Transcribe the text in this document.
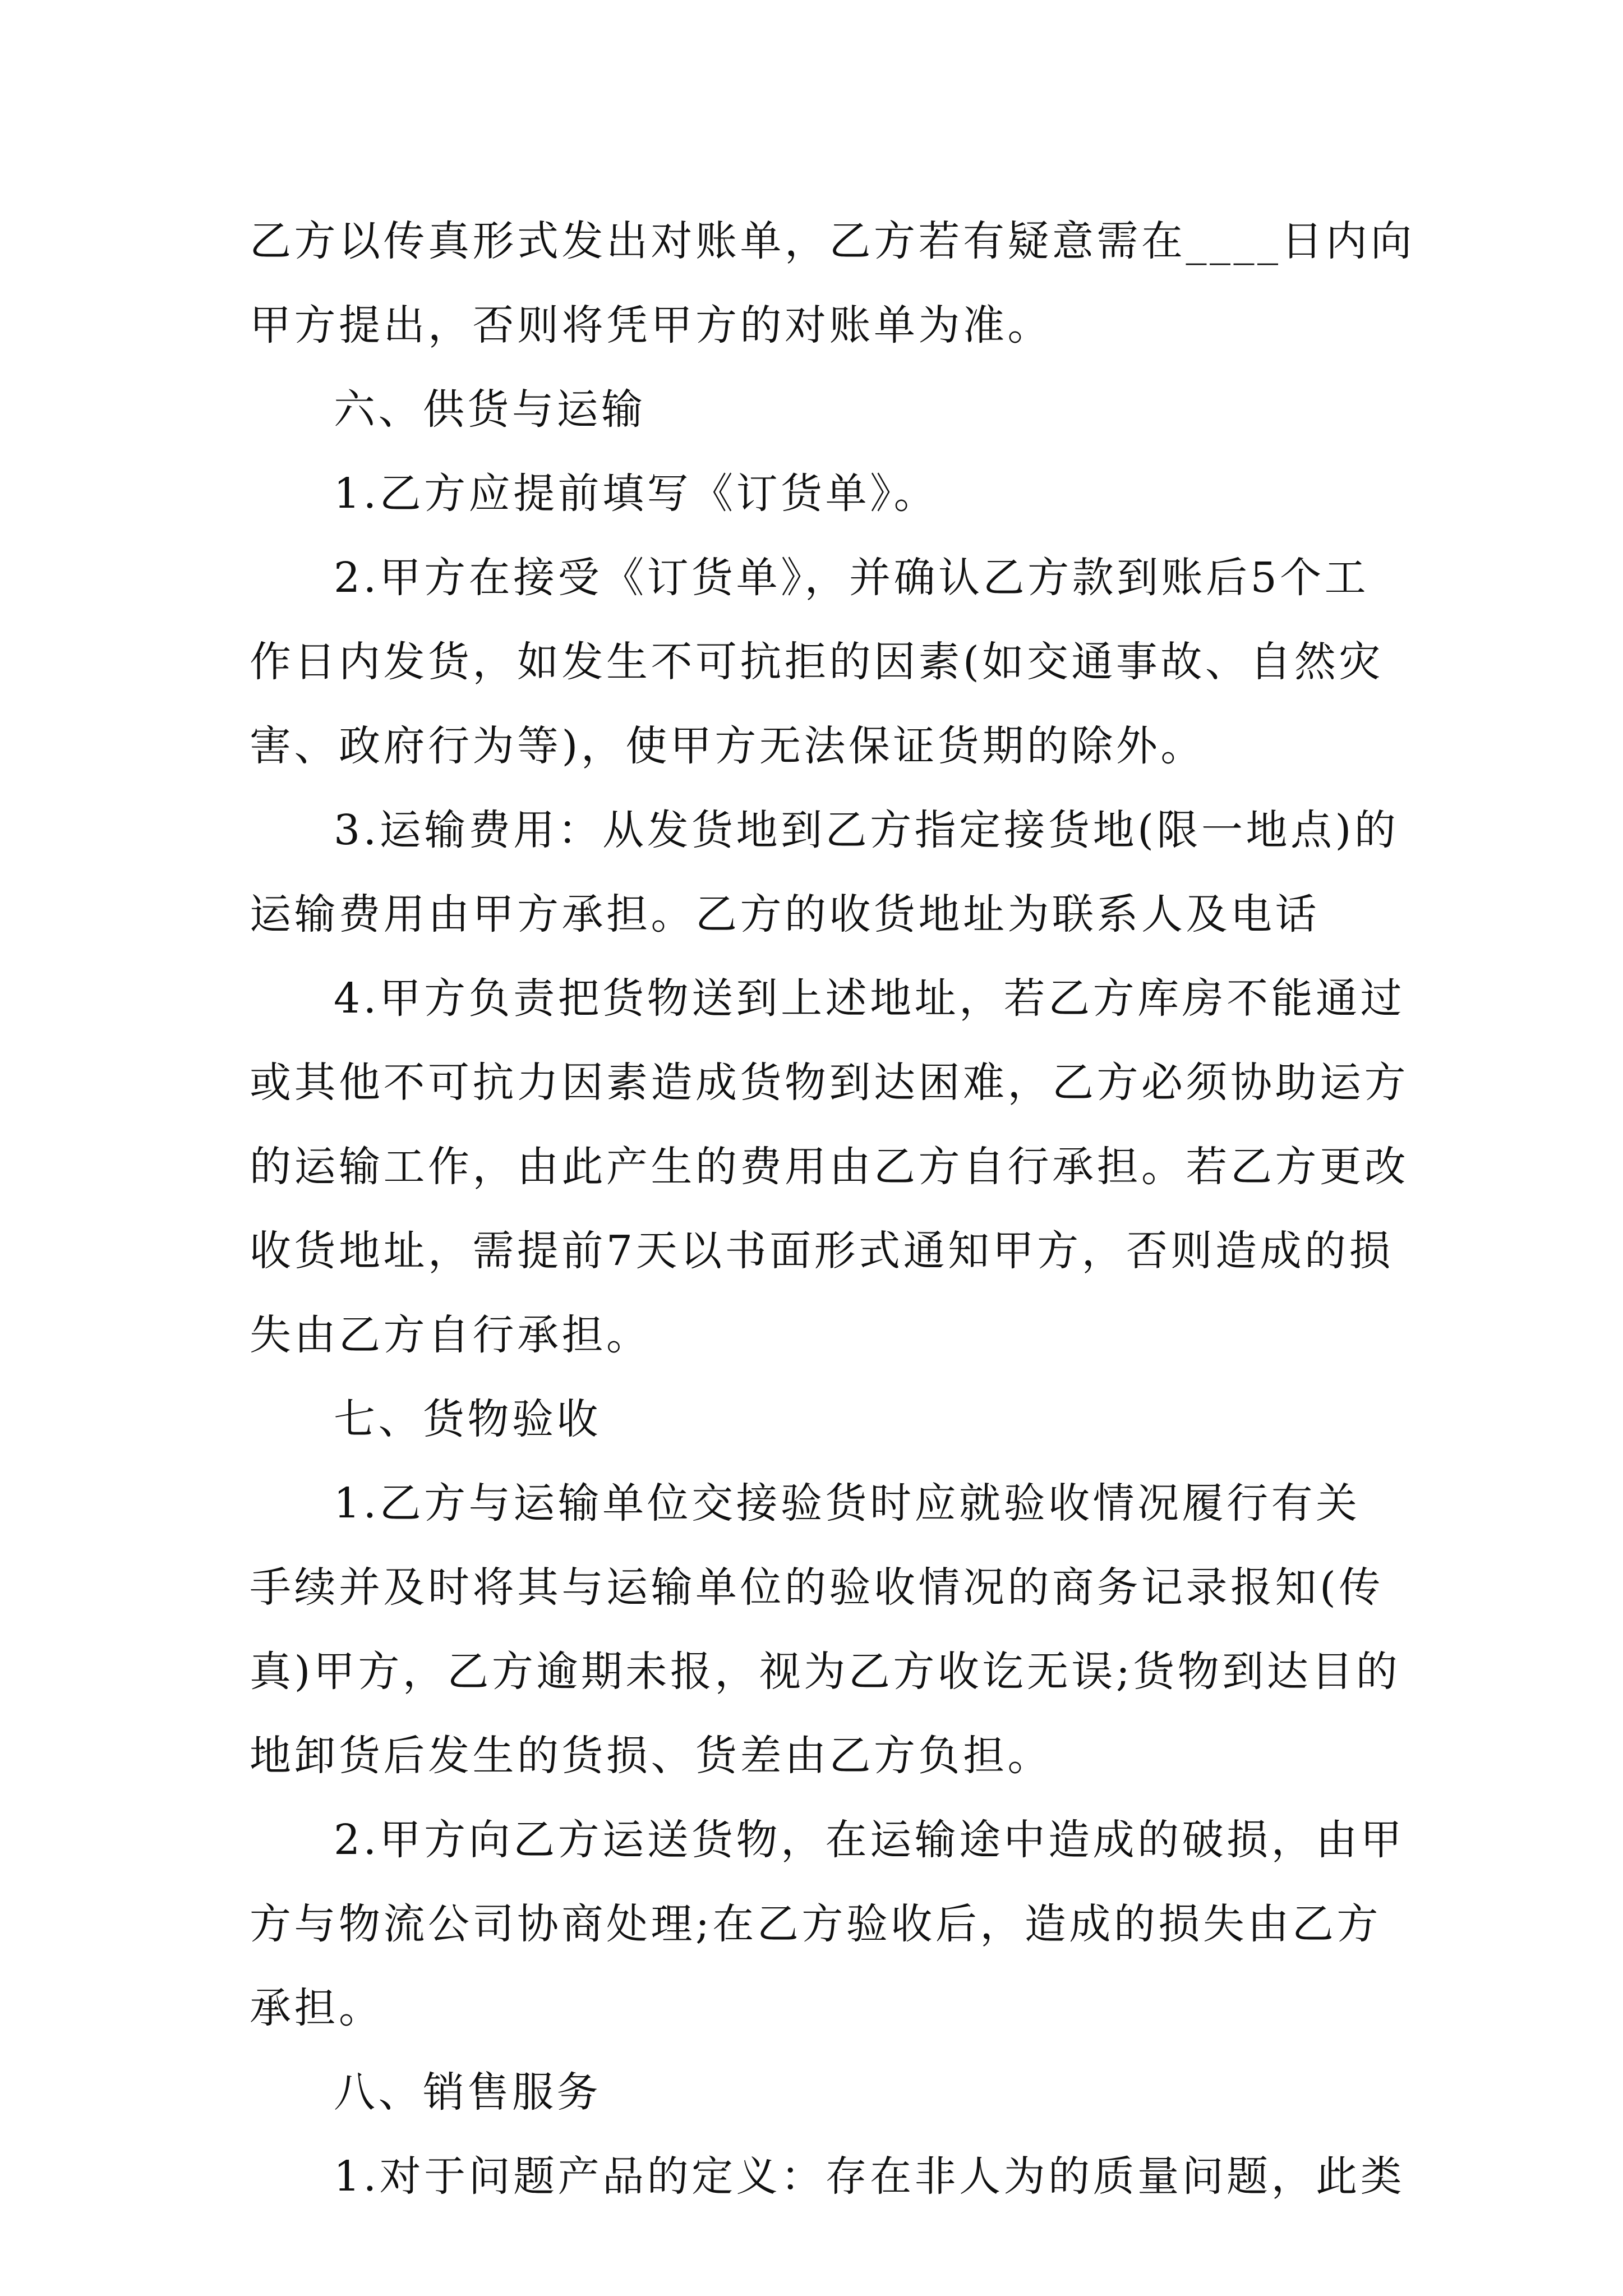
乙方以传真形式发出对账单，乙方若有疑意需在____日内向
甲方提出，否则将凭甲方的对账单为准。
六、供货与运输
1.乙方应提前填写《订货单》。
2.甲方在接受《订货单》，并确认乙方款到账后5个工
作日内发货，如发生不可抗拒的因素(如交通事故、自然灾
害、政府行为等)，使甲方无法保证货期的除外。
3.运输费用：从发货地到乙方指定接货地(限一地点)的
运输费用由甲方承担。乙方的收货地址为联系人及电话
4.甲方负责把货物送到上述地址，若乙方库房不能通过
或其他不可抗力因素造成货物到达困难，乙方必须协助运方
的运输工作，由此产生的费用由乙方自行承担。若乙方更改
收货地址，需提前7天以书面形式通知甲方，否则造成的损
失由乙方自行承担。
七、货物验收
1.乙方与运输单位交接验货时应就验收情况履行有关
手续并及时将其与运输单位的验收情况的商务记录报知(传
真)甲方，乙方逾期未报，视为乙方收讫无误;货物到达目的
地卸货后发生的货损、货差由乙方负担。
2.甲方向乙方运送货物，在运输途中造成的破损，由甲
方与物流公司协商处理;在乙方验收后，造成的损失由乙方
承担。
八、销售服务
1.对于问题产品的定义：存在非人为的质量问题，此类
